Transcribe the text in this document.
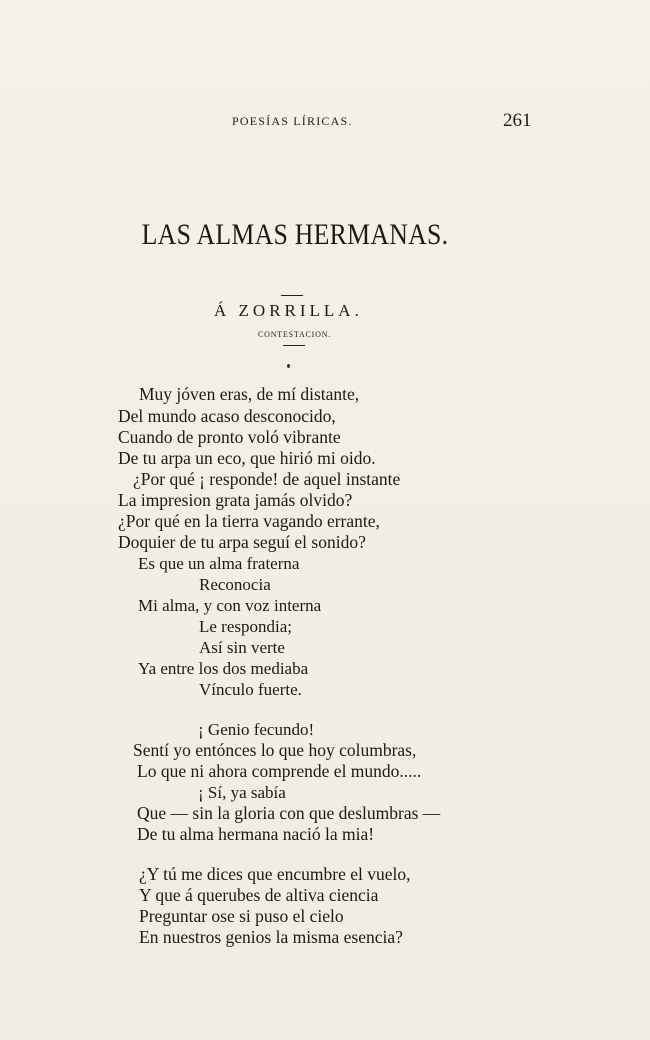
POESÍAS LÍRICAS.	261
LAS ALMAS HERMANAS.
Á ZORRILLA.
CONTESTACION.
Muy jóven eras, de mí distante,
Del mundo acaso desconocido,
Cuando de pronto voló vibrante
De tu arpa un eco, que hirió mi oido.
¿Por qué ¡ responde! de aquel instante
La impresion grata jamás olvido?
¿Por qué en la tierra vagando errante,
Doquier de tu arpa seguí el sonido?
Es que un alma fraterna
Reconocia
Mi alma, y con voz interna
Le respondia;
Así sin verte
Ya entre los dos mediaba
Vínculo fuerte.
¡ Genio fecundo!
Sentí yo entónces lo que hoy columbras,
Lo que ni ahora comprende el mundo.....
¡ Sí, ya sabía
Que — sin la gloria con que deslumbras —
De tu alma hermana nació la mia!
¿Y tú me dices que encumbre el vuelo,
Y que á querubes de altiva ciencia
Preguntar ose si puso el cielo
En nuestros genios la misma esencia?
